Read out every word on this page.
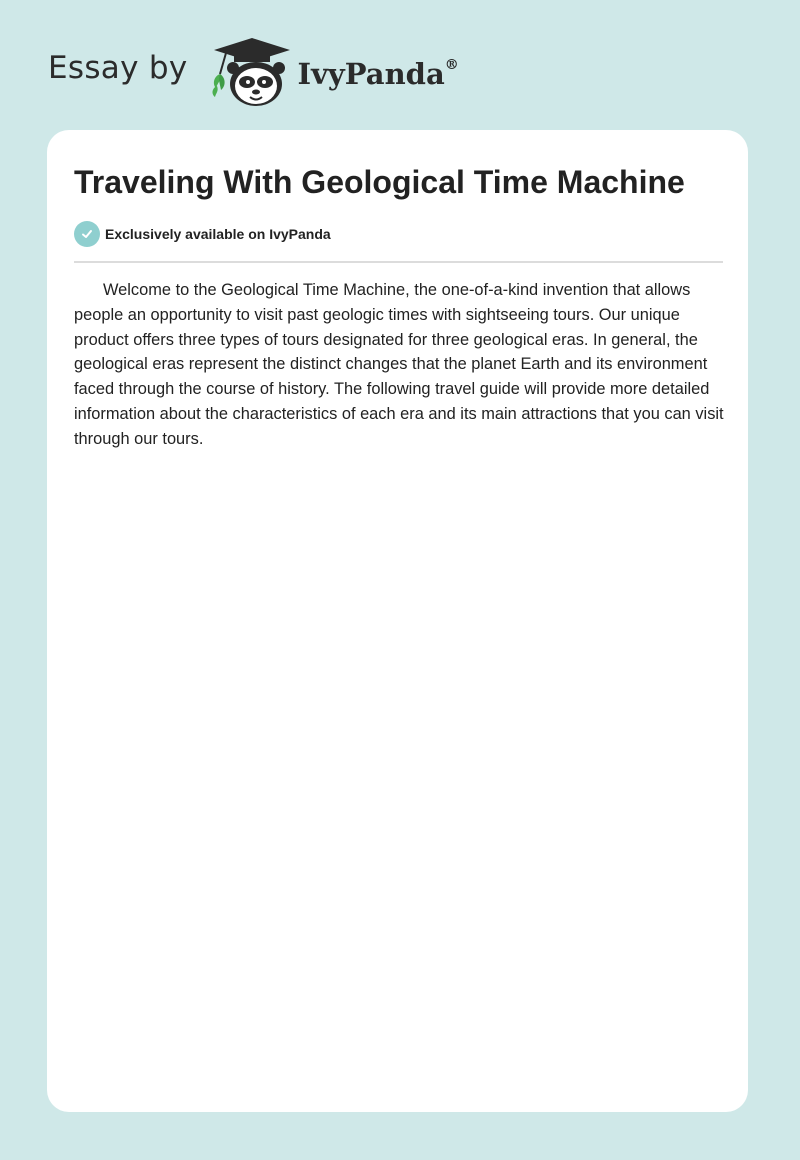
Essay by	IvyPanda®
Traveling With Geological Time Machine
Exclusively available on IvyPanda

Welcome to the Geological Time Machine, the one-of-a-kind invention that allows people an opportunity to visit past geologic times with sightseeing tours. Our unique product offers three types of tours designated for three geological eras. In general, the geological eras represent the distinct changes that the planet Earth and its environment faced through the course of history. The following travel guide will provide more detailed information about the characteristics of each era and its main attractions that you can visit through our tours.
